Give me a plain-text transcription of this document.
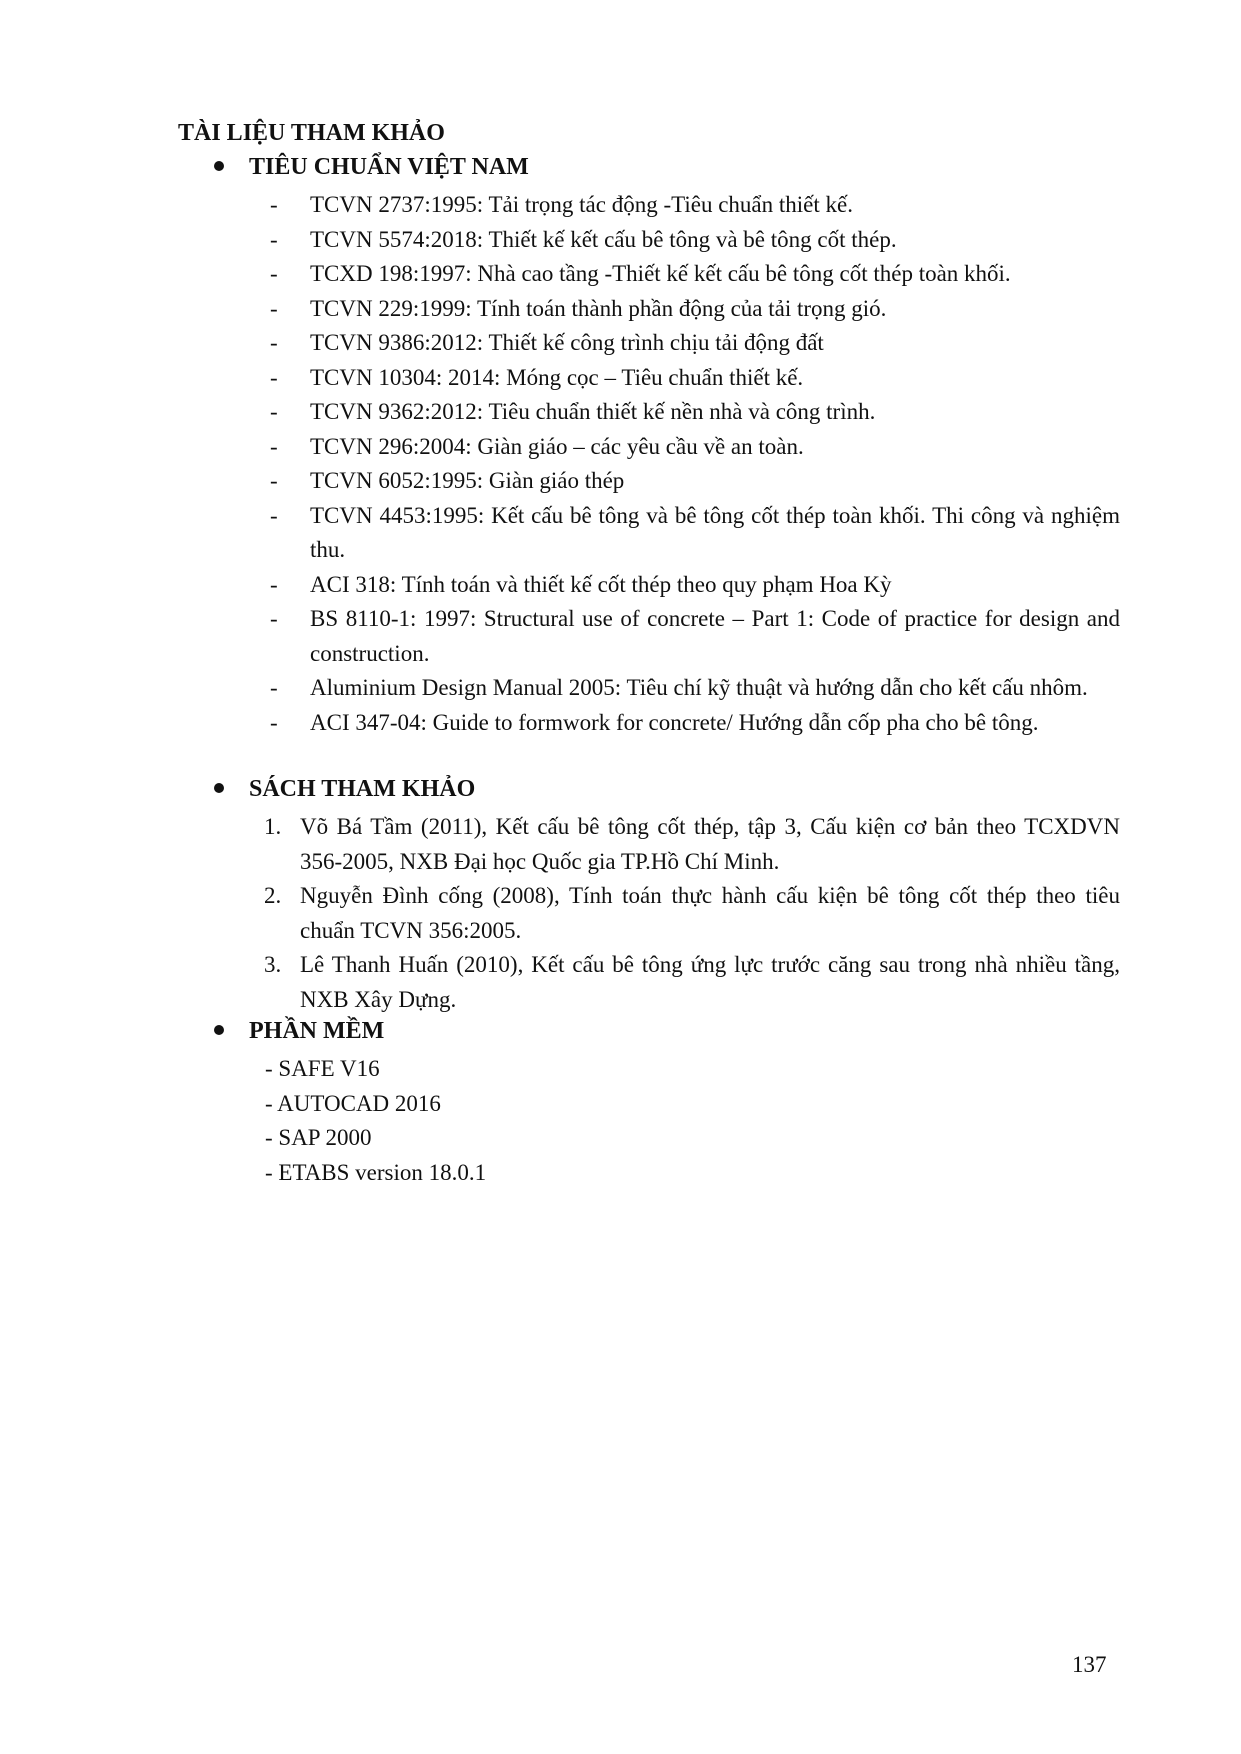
TÀI LIỆU THAM KHẢO
TIÊU CHUẨN VIỆT NAM
- TCVN 2737:1995: Tải trọng tác động -Tiêu chuẩn thiết kế.
- TCVN 5574:2018: Thiết kế kết cấu bê tông và bê tông cốt thép.
- TCXD 198:1997: Nhà cao tầng -Thiết kế kết cấu bê tông cốt thép toàn khối.
- TCVN 229:1999: Tính toán thành phần động của tải trọng gió.
- TCVN 9386:2012: Thiết kế công trình chịu tải động đất
- TCVN 10304: 2014: Móng cọc – Tiêu chuẩn thiết kế.
- TCVN 9362:2012: Tiêu chuẩn thiết kế nền nhà và công trình.
- TCVN 296:2004: Giàn giáo – các yêu cầu về an toàn.
- TCVN 6052:1995: Giàn giáo thép
- TCVN 4453:1995: Kết cấu bê tông và bê tông cốt thép toàn khối. Thi công và nghiệm thu.
- ACI 318: Tính toán và thiết kế cốt thép theo quy phạm Hoa Kỳ
- BS 8110-1: 1997: Structural use of concrete – Part 1: Code of practice for design and construction.
- Aluminium Design Manual 2005: Tiêu chí kỹ thuật và hướng dẫn cho kết cấu nhôm.
- ACI 347-04: Guide to formwork for concrete/ Hướng dẫn cốp pha cho bê tông.
SÁCH THAM KHẢO
1. Võ Bá Tầm (2011), Kết cấu bê tông cốt thép, tập 3, Cấu kiện cơ bản theo TCXDVN 356-2005, NXB Đại học Quốc gia TP.Hồ Chí Minh.
2. Nguyễn Đình cống (2008), Tính toán thực hành cấu kiện bê tông cốt thép theo tiêu chuẩn TCVN 356:2005.
3. Lê Thanh Huấn (2010), Kết cấu bê tông ứng lực trước căng sau trong nhà nhiều tầng, NXB Xây Dựng.
PHẦN MỀM
- SAFE V16
- AUTOCAD 2016
- SAP 2000
- ETABS version 18.0.1
137
